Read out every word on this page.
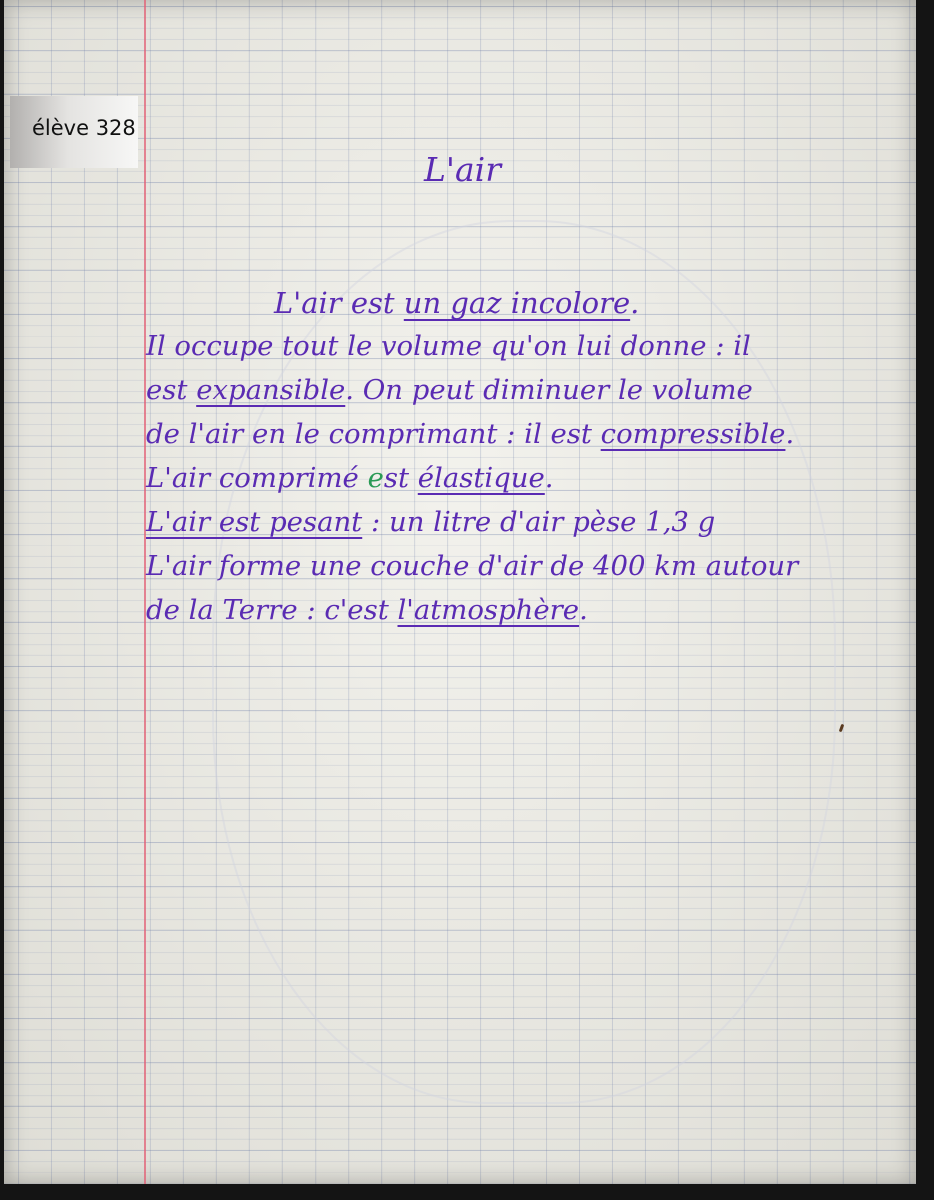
élève 328
L'air
L'air est un gaz incolore.
Il occupe tout le volume qu'on lui donne : il
est expansible. On peut diminuer le volume
de l'air en le comprimant : il est compressible.
L'air comprimé est élastique.
L'air est pesant : un litre d'air pèse 1,3 g
L'air forme une couche d'air de 400 km autour
de la Terre : c'est l'atmosphère.
